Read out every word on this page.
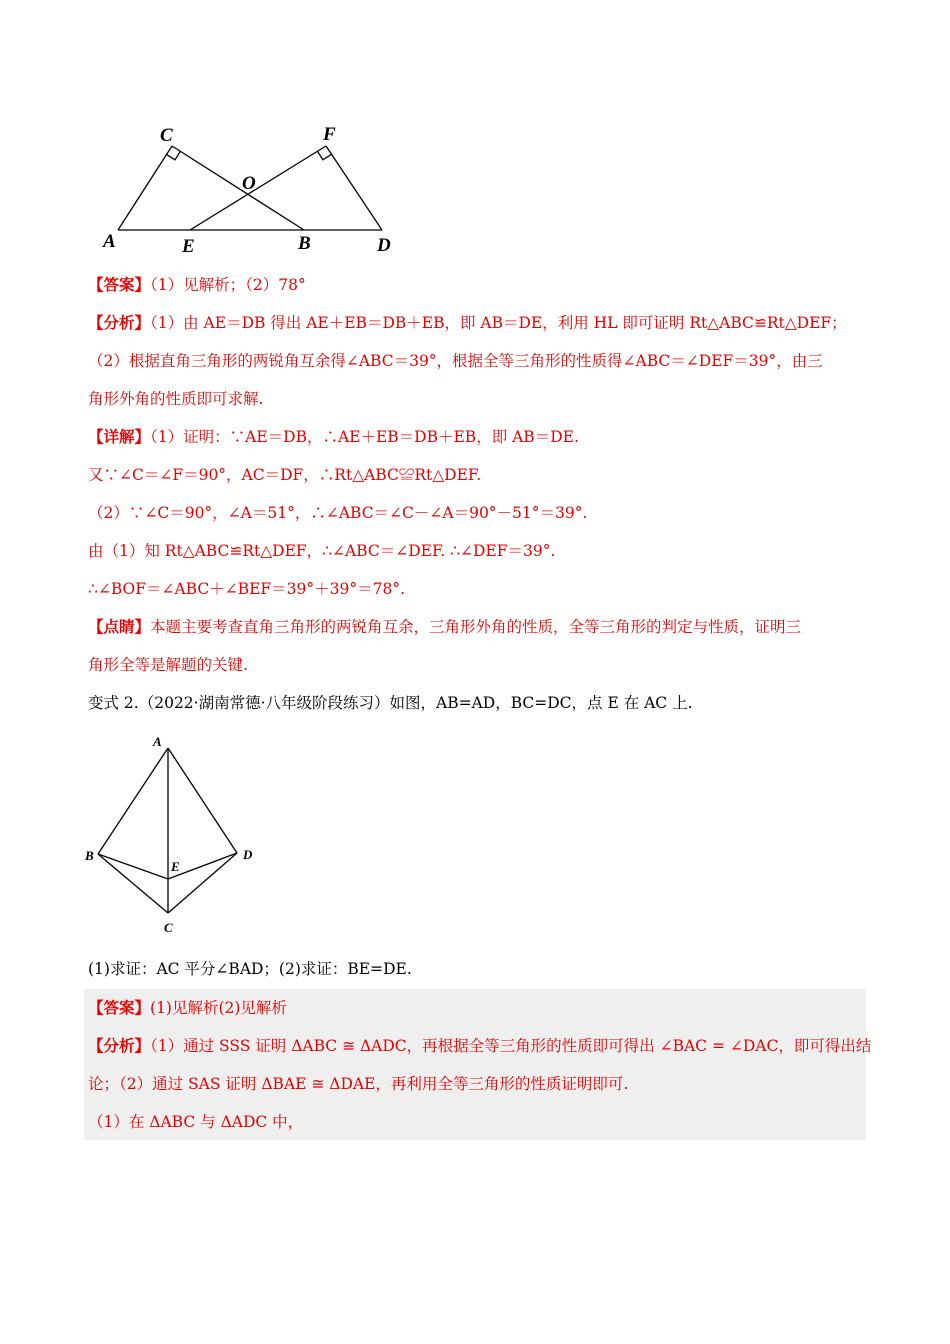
C	F
O
A	E	B	D
【答案】（1）见解析；（2）78°
【分析】（1）由 AE＝DB 得出 AE＋EB＝DB＋EB，即 AB＝DE，利用 HL 即可证明 Rt△ABC≌Rt△DEF；
（2）根据直角三角形的两锐角互余得∠ABC＝39°，根据全等三角形的性质得∠ABC＝∠DEF＝39°，由三
角形外角的性质即可求解.
【详解】（1）证明：∵AE＝DB，∴AE＋EB＝DB＋EB，即 AB＝DE.
又∵∠C＝∠F＝90°，AC＝DF，∴Rt△ABC≌Rt△DEF.
（2）∵∠C＝90°，∠A＝51°，∴∠ABC＝∠C－∠A＝90°－51°＝39°.
由（1）知 Rt△ABC≌Rt△DEF，∴∠ABC＝∠DEF. ∴∠DEF＝39°.
∴∠BOF＝∠ABC＋∠BEF＝39°＋39°＝78°.
【点睛】本题主要考查直角三角形的两锐角互余，三角形外角的性质，全等三角形的判定与性质，证明三
角形全等是解题的关键.
变式 2.（2022·湖南常德·八年级阶段练习）如图，AB=AD，BC=DC，点 E 在 AC 上.
A
B	D
E
C
(1)求证：AC 平分∠BAD；(2)求证：BE=DE.
【答案】(1)见解析(2)见解析
【分析】（1）通过 SSS 证明 ΔABC ≅ ΔADC，再根据全等三角形的性质即可得出 ∠BAC = ∠DAC，即可得出结
论；（2）通过 SAS 证明 ΔBAE ≅ ΔDAE，再利用全等三角形的性质证明即可.
（1）在 ΔABC 与 ΔADC 中，
